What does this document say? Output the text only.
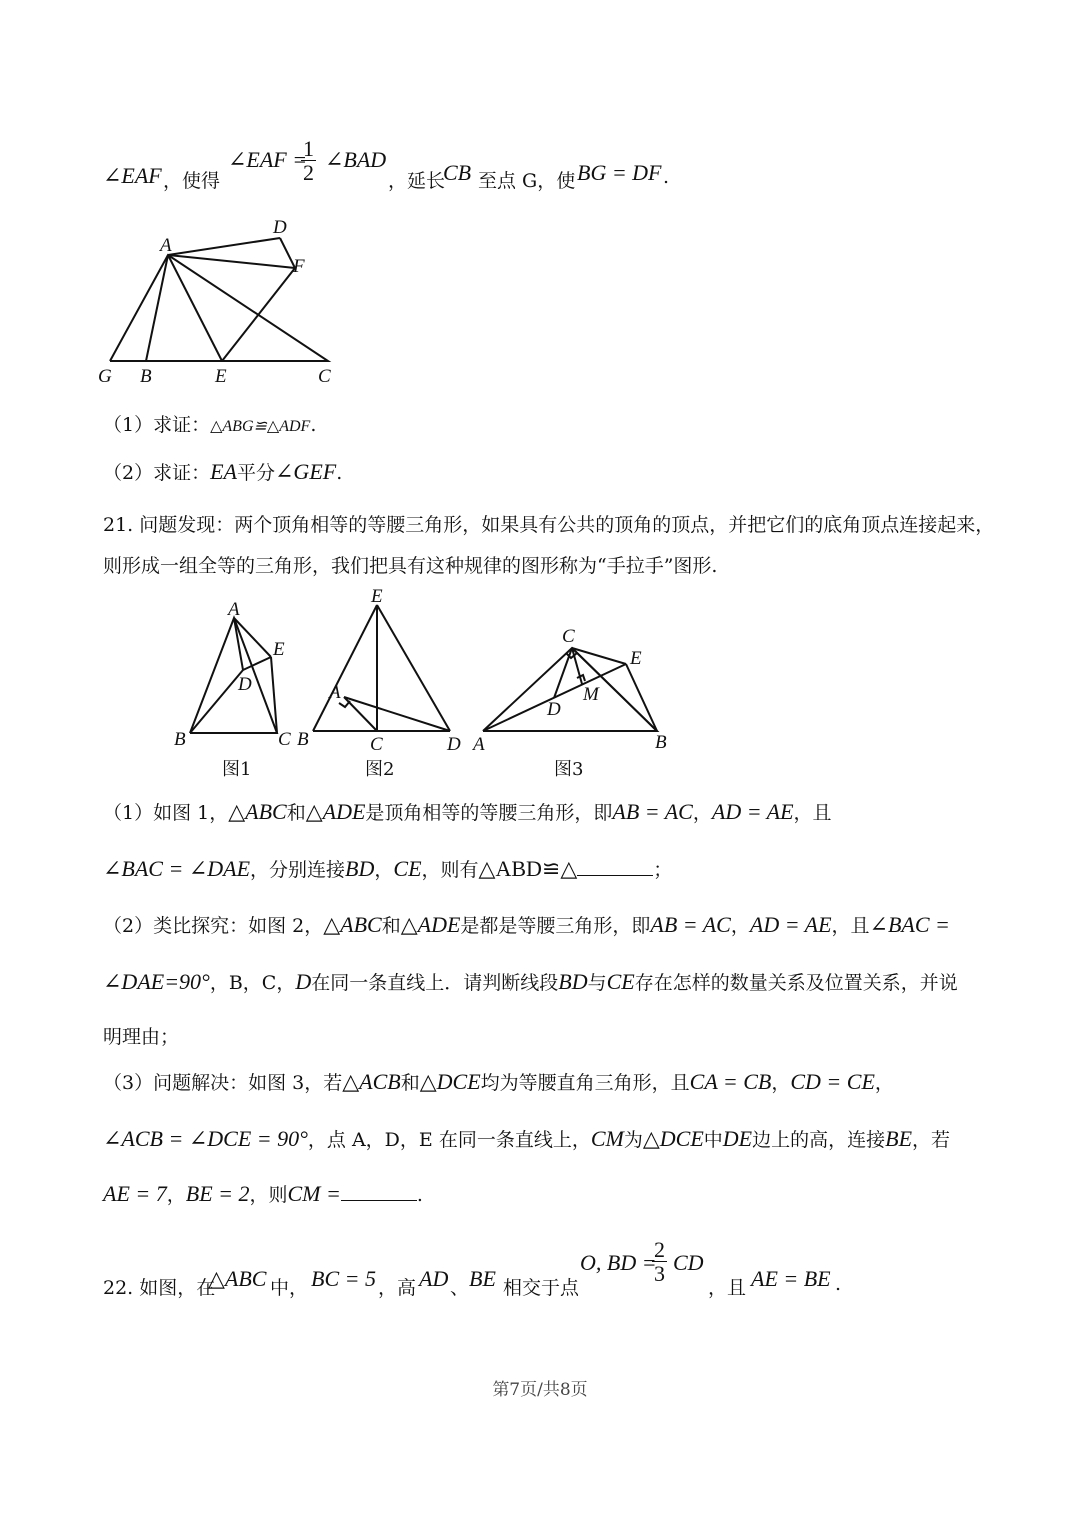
∠EAF ，使得
∠EAF =
$\frac{1}{2}$ ∠BAD
，延长
CB 至点 G，使 BG = DF .
A
D
F
G B	E	C
（1）求证：△ABG≌△ADF.
（2）求证：EA平分∠GEF.
21. 问题发现：两个顶角相等的等腰三角形，如果具有公共的顶角的顶点，并把它们的底角顶点连接起来，
则形成一组全等的三角形，我们把具有这种规律的图形称为“手拉手”图形.
A
E
D
B	C
图1
E
A
B	C	D
图2
C
E
M
D
A	B
图3
（1）如图 1，△ABC和△ADE是顶角相等的等腰三角形，即AB = AC，AD = AE，且
∠BAC = ∠DAE，分别连接BD，CE，则有△ABD≌△	；
（2）类比探究：如图 2，△ABC和△ADE是都是等腰三角形，即AB = AC，AD = AE，且∠BAC =
∠DAE=90°，B，C，D在同一条直线上．请判断线段BD与CE存在怎样的数量关系及位置关系，并说
明理由；
（3）问题解决：如图 3，若△ACB和△DCE均为等腰直角三角形，且CA = CB，CD = CE，
∠ACB = ∠DCE = 90°，点 A，D，E 在同一条直线上，CM为△DCE中DE边上的高，连接BE，若
AE = 7，BE = 2，则CM =	.
22. 如图，在
△ABC 中， BC = 5 ，高 AD 、 BE 相交于点
O, BD =
$\frac{2}{3}$ CD
，且 AE = BE .
第7页/共8页
